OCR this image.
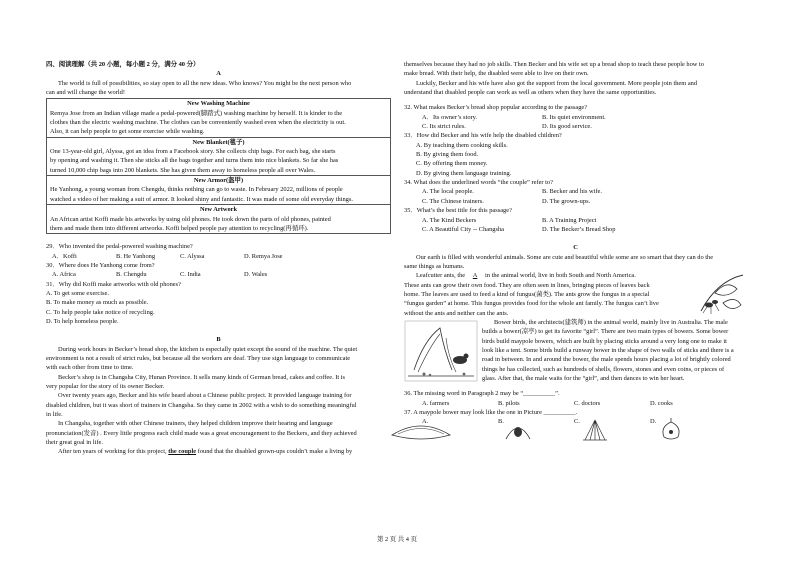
四、阅读理解（共 20 小题，每小题 2 分，满分 40 分）
A
The world is full of possibilities, so stay open to all the new ideas. Who knows? You might be the next person who
can and will change the world!
New Washing Machine
Remya Jose from an Indian village made a pedal-powered(脚踏式) washing machine by herself. It is kinder to the
clothes than the electric washing machine. The clothes can be conveniently washed even when the electricity is out.
Also, it can help people to get some exercise while washing.
New Blanket(毯子)
One 13-year-old girl, Alyssa, got an idea from a Facebook story. She collects chip bags. For each bag, she starts
by opening and washing it. Then she sticks all the bags together and turns them into nice blankets. So far she has
turned 10,000 chip bags into 200 blankets. She has given them away to homeless people all over Wales.
New Armor(盔甲)
He Yanhong, a young woman from Chengdu, thinks nothing can go to waste. In February 2022, millions of people
watched a video of her making a suit of armor. It looked shiny and fantastic. It was made of some old everyday things.
New Artwork
An African artist Koffi made his artworks by using old phones. He took down the parts of old phones, painted
them and made them into different artworks. Koffi helped people pay attention to recycling(再循环).
29．Who invented the pedal-powered washing machine?
A．Koffi	B. He Yanhong	C. Alyssa	D. Remya Jose
30．Where does He Yanhong come from?
A. Africa	B. Chengdu	C. India	D. Wales
31．Why did Koffi make artworks with old phones?
A. To get some exercise.
B. To make money as much as possible.
C. To help people take notice of recycling.
D. To help homeless people.
B
During work hours in Becker’s bread shop, the kitchen is especially quiet except the sound of the machine. The quiet
environment is not a result of strict rules, but because all the workers are deaf. They use sign language to communicate
with each other from time to time.
Becker’s shop is in Changsha City, Hunan Province. It sells many kinds of German bread, cakes and coffee. It is
very popular for the story of its owner Becker.
Over twenty years ago, Becker and his wife heard about a Chinese public project. It provided language training for
disabled children, but it was short of trainers in Changsha. So they came in 2002 with a wish to do something meaningful
in life.
In Changsha, together with other Chinese trainers, they helped children improve their hearing and language
pronunciation(发音) . Every little progress each child made was a great encouragement to the Beckers, and they achieved
their great goal in life.
After ten years of working for this project, the couple found that the disabled grown-ups couldn’t make a living by
themselves because they had no job skills. Then Becker and his wife set up a bread shop to teach these people how to
make bread. With their help, the disabled were able to live on their own.
Luckily, Becker and his wife have also got the support from the local government. More people join them and
understand that disabled people can work as well as others when they have the same opportunities.
32. What makes Becker’s bread shop popular according to the passage?
A．Its owner’s story.	B. Its quiet environment.
C. Its strict rules.	D. Its good service.
33．How did Becker and his wife help the disabled children?
A. By teaching them cooking skills.
B. By giving them food.
C. By offering them money.
D. By giving them language training.
34. What does the underlined words “the couple” refer to?
A. The local people.	B. Becker and his wife.
C. The Chinese trainers.	D. The grown-ups.
35．What’s the best title for this passage?
A. The Kind Beckers	B. A Training Project
C. A Beautiful City -- Changsha	D. The Becker’s Bread Shop
C
Our earth is filled with wonderful animals. Some are cute and beautiful while some are so smart that they can do the
same things as humans.
Leafcutter ants, the A in the animal world, live in both South and North America.
These ants can grow their own food. They are often seen in lines, bringing pieces of leaves back
home. The leaves are used to feed a kind of fungus(菌类). The ants grow the fungus in a special
“fungus garden” at home. This fungus provides food for the whole ant family. The fungus can’t live
without the ants and neither can the ants.
Bower birds, the architects(建筑师) in the animal world, mainly live in Australia. The male
builds a bower(凉亭) to get its favorite “girl”. There are two main types of bowers. Some bower
birds build maypole bowers, which are built by placing sticks around a very long one to make it
look like a tent. Some birds build a runway bower in the shape of two walls of sticks and there is a
road in between. In and around the bower, the male spends hours placing a lot of brightly colored
things he has collected, such as hundreds of shells, flowers, stones and even coins, or pieces of
glass. After that, the male waits for the “girl”, and then dances to win her heart.
36. The missing word in Paragraph 2 may be “__________”.
A. farmers	B. pilots	C. doctors	D. cooks
37. A maypole bower may look like the one in Picture __________.
A.	B.	C.	D.
第 2 页 共 4 页
